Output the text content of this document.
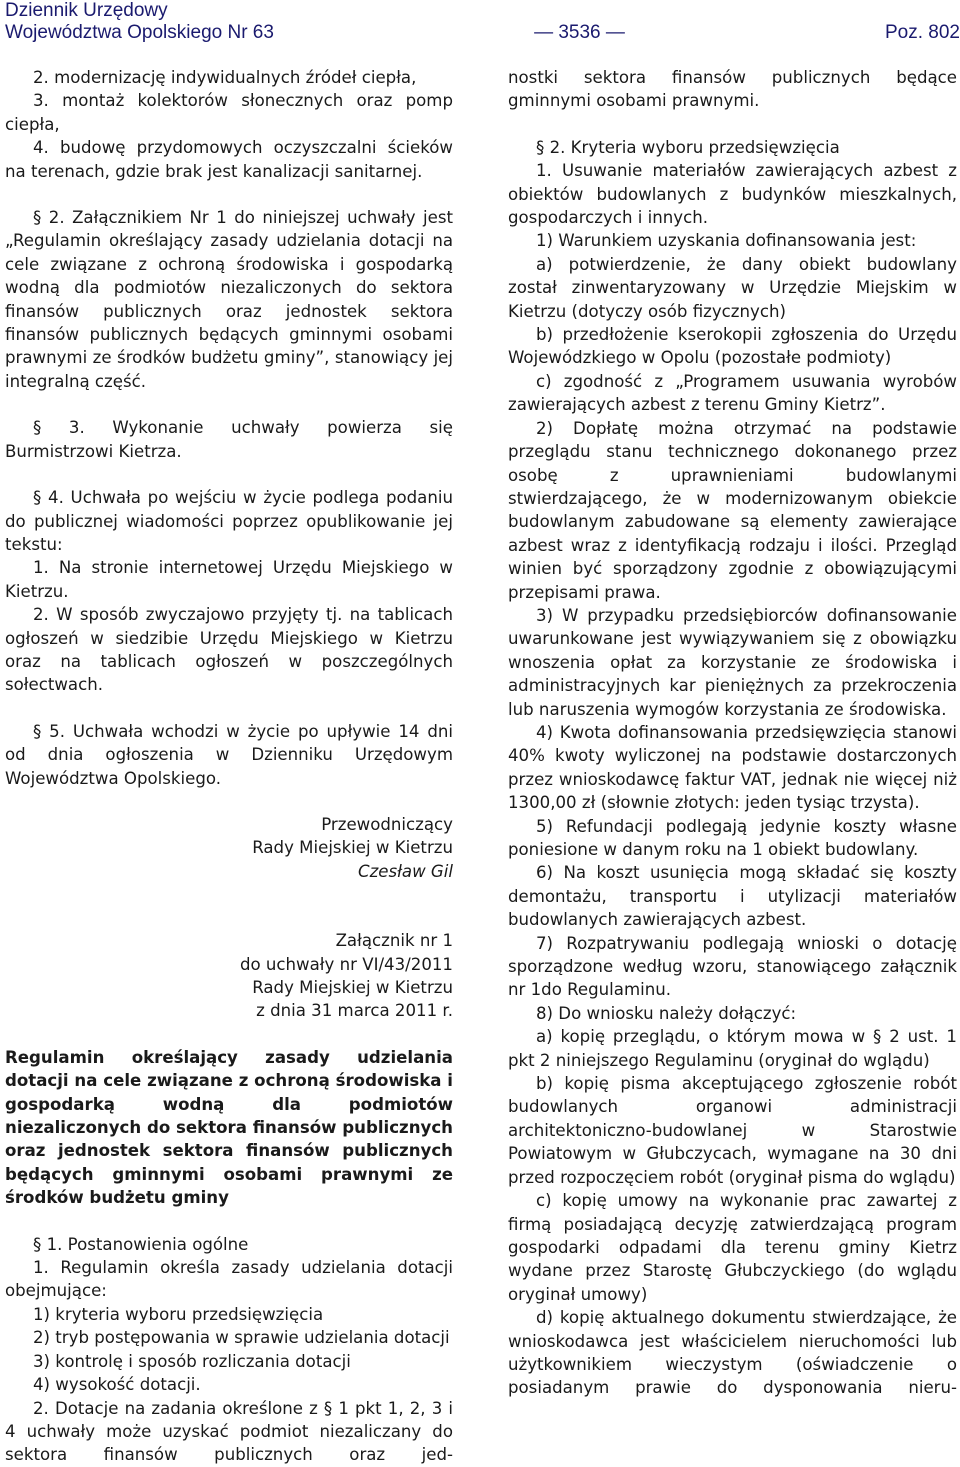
Dziennik Urzędowy
Województwa Opolskiego Nr 63	— 3536 —	Poz. 802

2. modernizację indywidualnych źródeł ciepła,

3. montaż kolektorów słonecznych oraz pomp ciepła,

4. budowę przydomowych oczyszczalni ścieków na terenach, gdzie brak jest kanalizacji sanitarnej.

§ 2. Załącznikiem Nr 1 do niniejszej uchwały jest „Regulamin określający zasady udzielania dotacji na cele związane z ochroną środowiska i gospodarką wodną dla podmiotów niezaliczonych do sektora finansów publicznych oraz jednostek sektora finansów publicznych będących gminnymi osobami prawnymi ze środków budżetu gminy”, stanowiący jej integralną część.

§ 3. Wykonanie uchwały powierza się Burmistrzowi Kietrza.

§ 4. Uchwała po wejściu w życie podlega podaniu do publicznej wiadomości poprzez opublikowanie jej tekstu:

1. Na stronie internetowej Urzędu Miejskiego w Kietrzu.

2. W sposób zwyczajowo przyjęty tj. na tablicach ogłoszeń w siedzibie Urzędu Miejskiego w Kietrzu oraz na tablicach ogłoszeń w poszczególnych sołectwach.

§ 5. Uchwała wchodzi w życie po upływie 14 dni od dnia ogłoszenia w Dzienniku Urzędowym Województwa Opolskiego.

Przewodniczący
Rady Miejskiej w Kietrzu
Czesław Gil
Załącznik nr 1
do uchwały nr VI/43/2011
Rady Miejskiej w Kietrzu
z dnia 31 marca 2011 r.

Regulamin określający zasady udzielania dotacji na cele związane z ochroną środowiska i gospodarką wodną dla podmiotów niezaliczonych do sektora finansów publicznych oraz jednostek sektora finansów publicznych będących gminnymi osobami prawnymi ze środków budżetu gminy

§ 1. Postanowienia ogólne

1. Regulamin określa zasady udzielania dotacji obejmujące:

1) kryteria wyboru przedsięwzięcia

2) tryb postępowania w sprawie udzielania dotacji

3) kontrolę i sposób rozliczania dotacji

4) wysokość dotacji.

2. Dotacje na zadania określone z § 1 pkt 1, 2, 3 i 4 uchwały może uzyskać podmiot niezaliczany do sektora finansów publicznych oraz jed-

nostki sektora finansów publicznych będące gminnymi osobami prawnymi.

§ 2. Kryteria wyboru przedsięwzięcia

1. Usuwanie materiałów zawierających azbest z obiektów budowlanych z budynków mieszkalnych, gospodarczych i innych.

1) Warunkiem uzyskania dofinansowania jest:

a) potwierdzenie, że dany obiekt budowlany został zinwentaryzowany w Urzędzie Miejskim w Kietrzu (dotyczy osób fizycznych)

b) przedłożenie kserokopii zgłoszenia do Urzędu Wojewódzkiego w Opolu (pozostałe podmioty)

c) zgodność z „Programem usuwania wyrobów zawierających azbest z terenu Gminy Kietrz”.

2) Dopłatę można otrzymać na podstawie przeglądu stanu technicznego dokonanego przez osobę z uprawnieniami budowlanymi stwierdzającego, że w modernizowanym obiekcie budowlanym zabudowane są elementy zawierające azbest wraz z identyfikacją rodzaju i ilości. Przegląd winien być sporządzony zgodnie z obowiązującymi przepisami prawa.

3) W przypadku przedsiębiorców dofinansowanie uwarunkowane jest wywiązywaniem się z obowiązku wnoszenia opłat za korzystanie ze środowiska i administracyjnych kar pieniężnych za przekroczenia lub naruszenia wymogów korzystania ze środowiska.

4) Kwota dofinansowania przedsięwzięcia stanowi 40% kwoty wyliczonej na podstawie dostarczonych przez wnioskodawcę faktur VAT, jednak nie więcej niż 1300,00 zł (słownie złotych: jeden tysiąc trzysta).

5) Refundacji podlegają jedynie koszty własne poniesione w danym roku na 1 obiekt budowlany.

6) Na koszt usunięcia mogą składać się koszty demontażu, transportu i utylizacji materiałów budowlanych zawierających azbest.

7) Rozpatrywaniu podlegają wnioski o dotację sporządzone według wzoru, stanowiącego załącznik nr 1do Regulaminu.

8) Do wniosku należy dołączyć:

a) kopię przeglądu, o którym mowa w § 2 ust. 1 pkt 2 niniejszego Regulaminu (oryginał do wglądu)

b) kopię pisma akceptującego zgłoszenie robót budowlanych organowi administracji architektoniczno-budowlanej w Starostwie Powiatowym w Głubczycach, wymagane na 30 dni przed rozpoczęciem robót (oryginał pisma do wglądu)

c) kopię umowy na wykonanie prac zawartej z firmą posiadającą decyzję zatwierdzającą program gospodarki odpadami dla terenu gminy Kietrz wydane przez Starostę Głubczyckiego (do wglądu oryginał umowy)

d) kopię aktualnego dokumentu stwierdzające, że wnioskodawca jest właścicielem nieruchomości lub użytkownikiem wieczystym (oświadczenie o posiadanym prawie do dysponowania nieru-
